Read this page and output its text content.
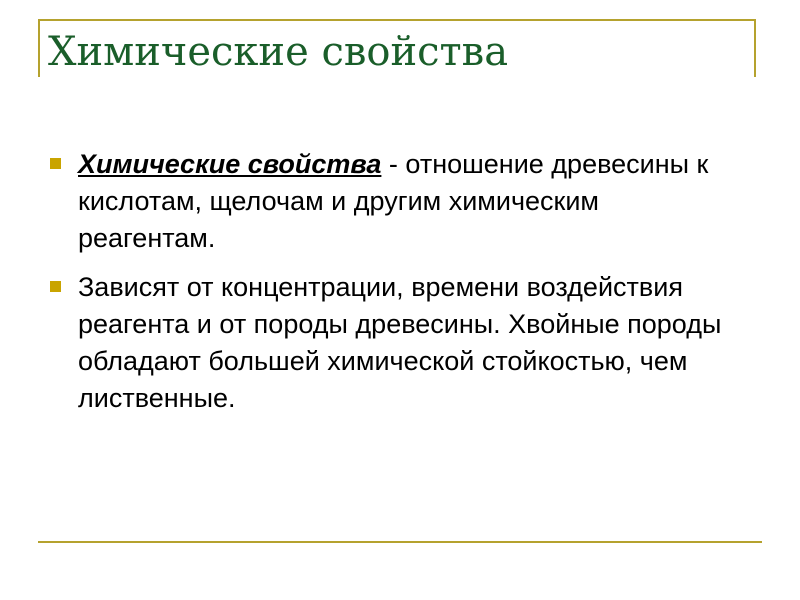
Химические свойства
Химические свойства - отношение древесины к кислотам, щелочам и другим химическим реагентам.
Зависят от концентрации, времени воздействия реагента и от породы древесины. Хвойные породы обладают большей химической стойкостью, чем лиственные.
